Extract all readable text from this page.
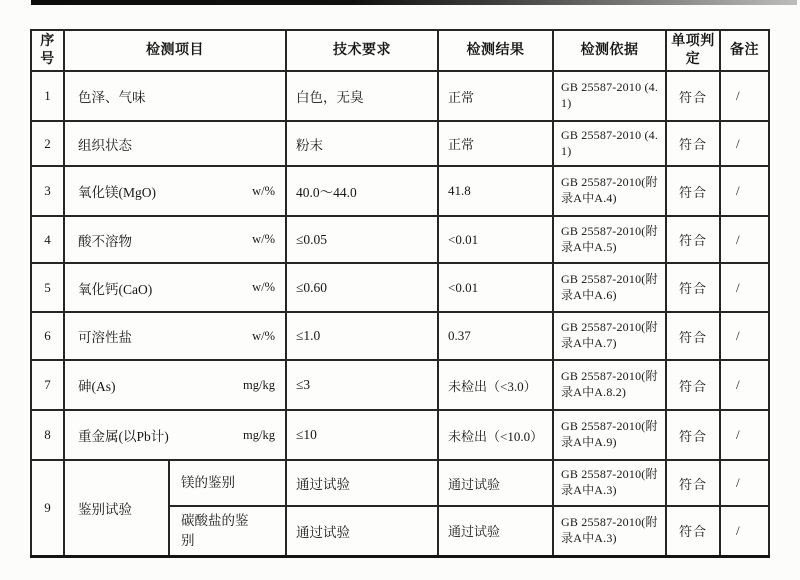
序号	检测项目		技术要求	检测结果	检测依据	单项判定	备注
1	色泽、气味		白色，无臭	正常	GB 25587-2010 (4.1)	符合	/
2	组织状态		粉末	正常	GB 25587-2010 (4.1)	符合	/
3	氧化镁(MgO) w/%		40.0～44.0	41.8	GB 25587-2010(附录A中A.4)	符合	/
4	酸不溶物 w/%		≤0.05	<0.01	GB 25587-2010(附录A中A.5)	符合	/
5	氧化钙(CaO) w/%		≤0.60	<0.01	GB 25587-2010(附录A中A.6)	符合	/
6	可溶性盐 w/%		≤1.0	0.37	GB 25587-2010(附录A中A.7)	符合	/
7	砷(As) mg/kg		≤3	未检出（<3.0）	GB 25587-2010(附录A中A.8.2)	符合	/
8	重金属(以Pb计) mg/kg		≤10	未检出（<10.0）	GB 25587-2010(附录A中A.9)	符合	/
9	鉴别试验	镁的鉴别	通过试验	通过试验	GB 25587-2010(附录A中A.3)	符合	/
		碳酸盐的鉴别	通过试验	通过试验	GB 25587-2010(附录A中A.3)	符合	/
